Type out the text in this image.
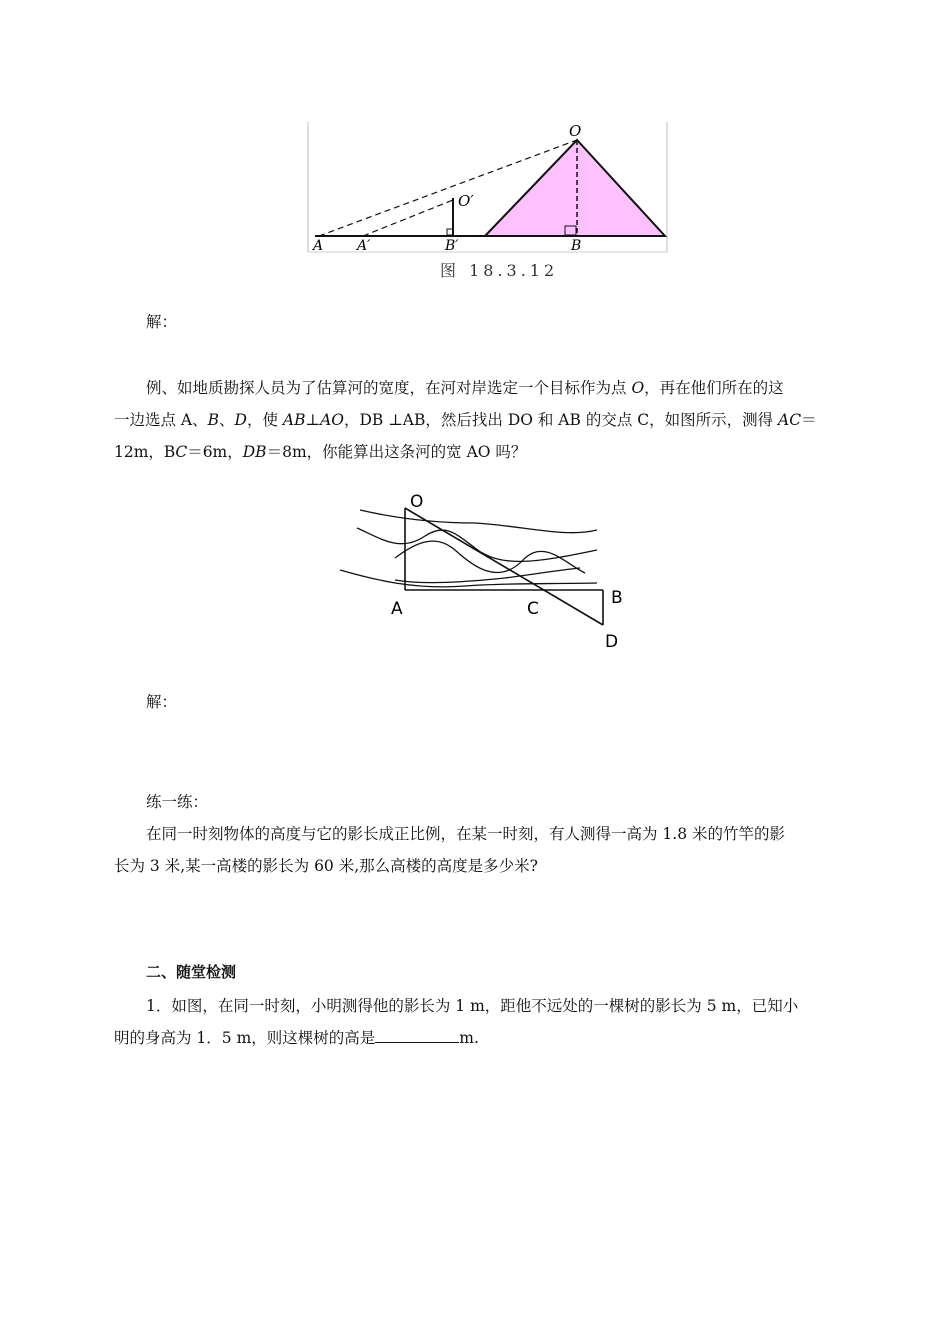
O
O′
A A′	B′	B
图 18.3.12
解：
例、如地质勘探人员为了估算河的宽度，在河对岸选定一个目标作为点 O，再在他们所在的这
一边选点 A、B、D，使 AB⊥AO，DB ⊥AB，然后找出 DO 和 AB 的交点 C，如图所示，测得 AC＝
12m，BC＝6m，DB＝8m，你能算出这条河的宽 AO 吗？
O
A	C
B
D
解：
练一练：
在同一时刻物体的高度与它的影长成正比例，在某一时刻，有人测得一高为 1.8 米的竹竿的影
长为 3 米,某一高楼的影长为 60 米,那么高楼的高度是多少米?
二、随堂检测
1．如图，在同一时刻，小明测得他的影长为 1 m，距他不远处的一棵树的影长为 5 m，已知小
明的身高为 1．5 m，则这棵树的高是	m.
